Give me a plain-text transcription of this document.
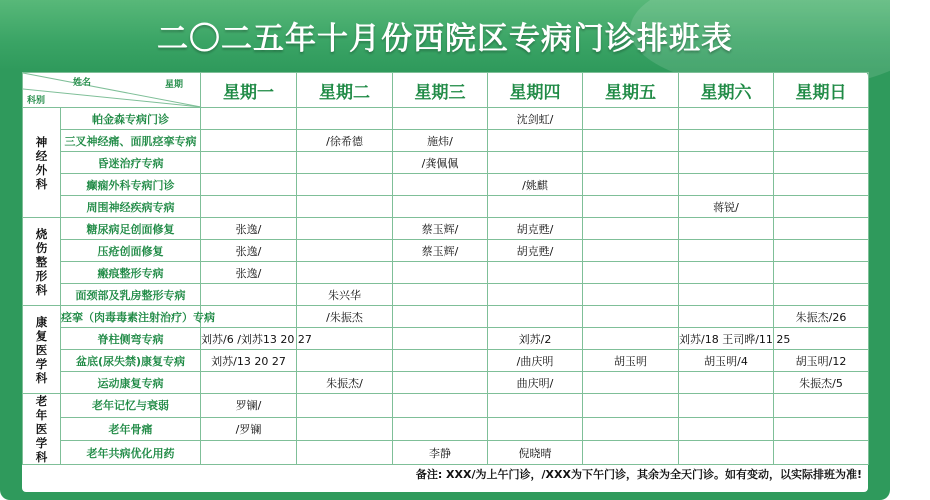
二〇二五年十月份西院区专病门诊排班表
姓名 星期
科别		星期一	星期二	星期三	星期四	星期五	星期六	星期日
神经外科	帕金森专病门诊				沈剑虹/			
	三叉神经痛、面肌痉挛专病		/徐希德	施炜/				
	昏迷治疗专病			/龚佩佩				
	癫痫外科专病门诊				/姚麒			
	周围神经疾病专病						蒋锐/	
烧伤整形科	糖尿病足创面修复	张逸/		蔡玉辉/	胡克甦/			
	压疮创面修复	张逸/		蔡玉辉/	胡克甦/			
	瘢痕整形专病	张逸/						
	面颈部及乳房整形专病		朱兴华					
康复医学科	痉挛（肉毒毒素注射治疗）专病		/朱振杰					朱振杰/26
	脊柱侧弯专病	刘苏/6 /刘苏13 20 27			刘苏/2		刘苏/18 王司晔/11 25	
	盆底(尿失禁)康复专病	刘苏/13 20 27			/曲庆明	胡玉明	胡玉明/4	胡玉明/12
	运动康复专病		朱振杰/		曲庆明/			朱振杰/5
老年医学科	老年记忆与衰弱	罗镧/						
	老年骨痛	/罗镧						
	老年共病优化用药			李静	倪晓晴			
备注: XXX/为上午门诊，/XXX为下午门诊，其余为全天门诊。如有变动，以实际排班为准!
